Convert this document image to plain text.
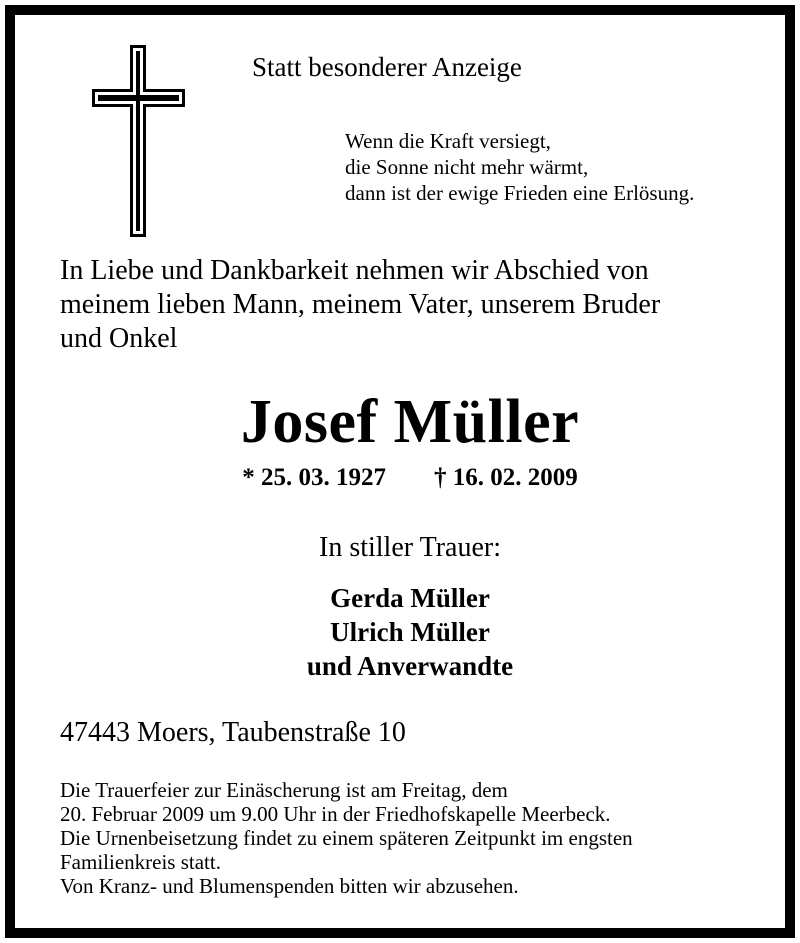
Statt besonderer Anzeige
Wenn die Kraft versiegt,
die Sonne nicht mehr wärmt,
dann ist der ewige Frieden eine Erlösung.
In Liebe und Dankbarkeit nehmen wir Abschied von
meinem lieben Mann, meinem Vater, unserem Bruder
und Onkel
Josef Müller
* 25. 03. 1927 † 16. 02. 2009
In stiller Trauer:
Gerda Müller
Ulrich Müller
und Anverwandte
47443 Moers, Taubenstraße 10
Die Trauerfeier zur Einäscherung ist am Freitag, dem
20. Februar 2009 um 9.00 Uhr in der Friedhofskapelle Meerbeck.
Die Urnenbeisetzung findet zu einem späteren Zeitpunkt im engsten
Familienkreis statt.
Von Kranz- und Blumenspenden bitten wir abzusehen.
